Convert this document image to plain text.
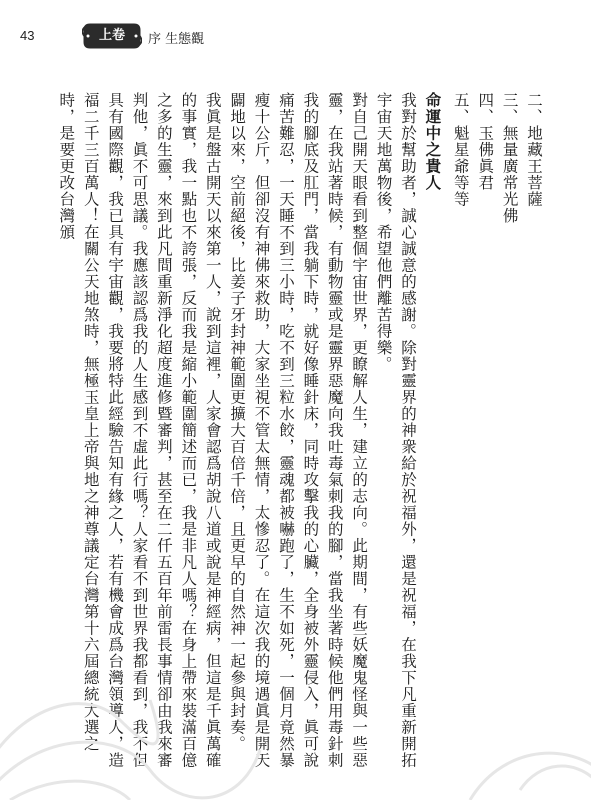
43	上卷	序 生態觀

二、地藏王菩薩

三、無量廣常光佛

四、玉佛眞君

五、魁星爺等等

命運中之貴人

我對於幫助者，誠心誠意的感謝。除對靈界的神衆給於祝福外，還是祝福，在我下凡重新開拓宇宙天地萬物後，希望他們離苦得樂。

對自己開天眼看到整個宇宙世界，更瞭解人生，建立的志向。此期間，有些妖魔鬼怪與一些惡靈，在我站著時候，有動物靈或是靈界惡魔向我吐毒氣刺我的腳，當我坐著時候他們用毒針刺我的腳底及肛門，當我躺下時，就好像睡針床，同時攻擊我的心臟，全身被外靈侵入，眞可說痛苦難忍，一天睡不到三小時，吃不到三粒水餃，靈魂都被嚇跑了，生不如死，一個月竟然暴瘦十公斤，但卻沒有神佛來救助，大家坐視不管太無情，太慘忍了。在這次我的境遇眞是開天闢地以來，空前絕後，比姜子牙封神範圍更擴大百倍千倍，且更早的自然神一起參與封奏。

我眞是盤古開天以來第一人，說到這裡，人家會認爲胡說八道或說是神經病，但這是千眞萬確的事實，我一點也不誇張，反而我是縮小範圍簡述而已，我是非凡人嗎？在身上帶來裝滿百億之多的生靈，來到此凡間重新淨化超度進修暨審判，甚至在二仟五百年前雷長事情卻由我來審判他，眞不可思議。我應該認爲我的人生感到不虛此行嗎？人家看不到世界我都看到，我不但具有國際觀，我已具有宇宙觀，我要將特此經驗告知有緣之人，若有機會成爲台灣領導人，造福二千三百萬人！在關公天地煞時，無極玉皇上帝與地之神尊議定台灣第十六屆總統大選之時，是要更改台灣頒
